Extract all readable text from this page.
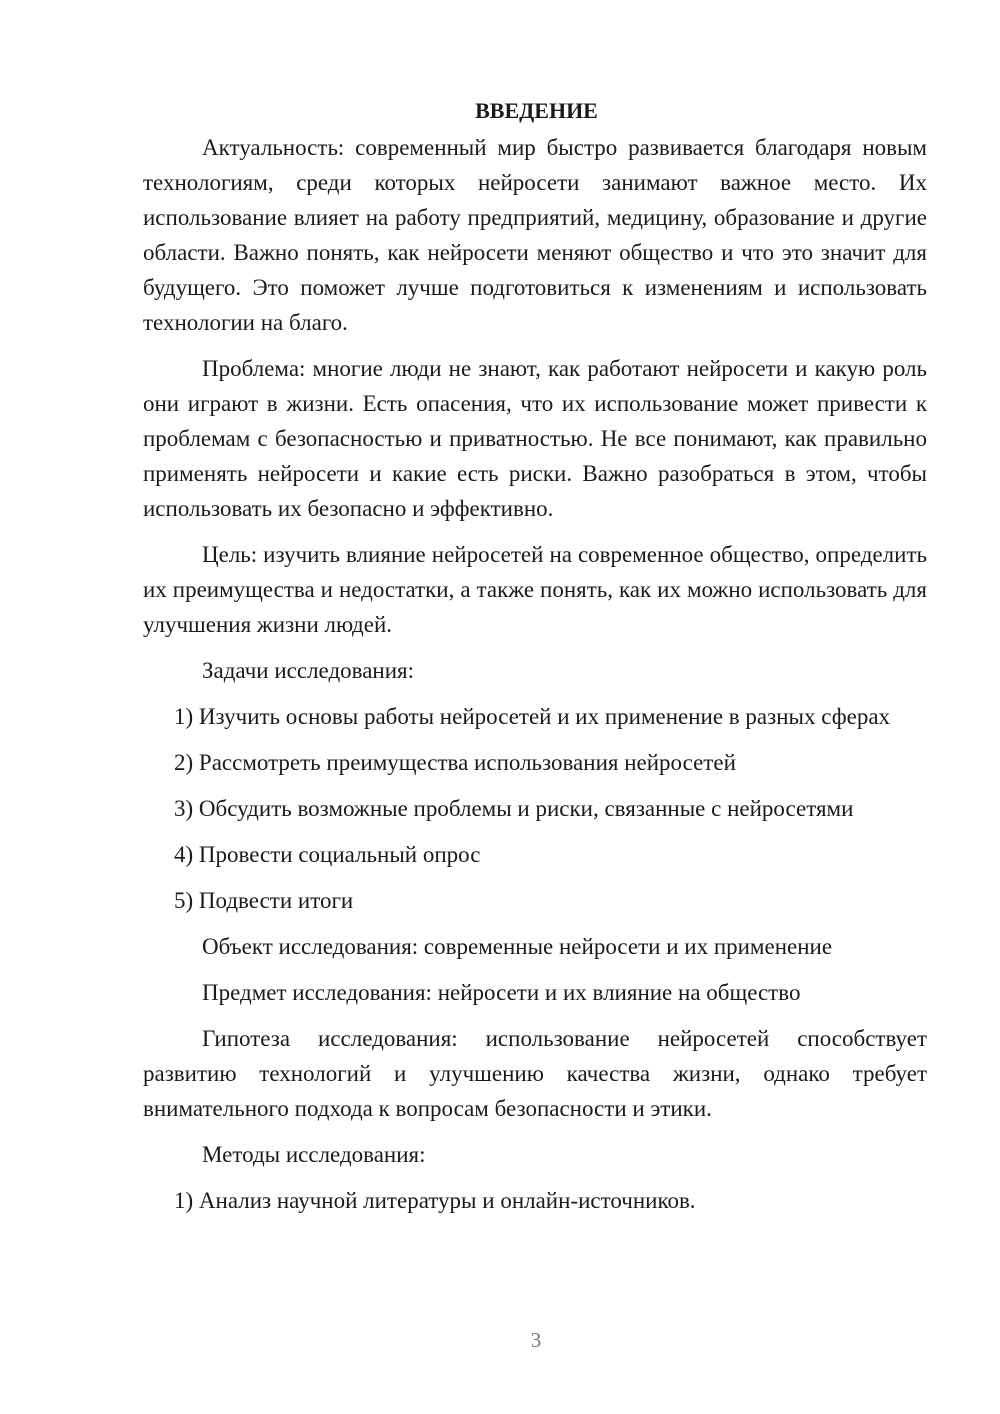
ВВЕДЕНИЕ

Актуальность: современный мир быстро развивается благодаря новым технологиям, среди которых нейросети занимают важное место. Их использование влияет на работу предприятий, медицину, образование и другие области. Важно понять, как нейросети меняют общество и что это значит для будущего. Это поможет лучше подготовиться к изменениям и использовать технологии на благо.

Проблема: многие люди не знают, как работают нейросети и какую роль они играют в жизни. Есть опасения, что их использование может привести к проблемам с безопасностью и приватностью. Не все понимают, как правильно применять нейросети и какие есть риски. Важно разобраться в этом, чтобы использовать их безопасно и эффективно.

Цель: изучить влияние нейросетей на современное общество, определить их преимущества и недостатки, а также понять, как их можно использовать для улучшения жизни людей.

Задачи исследования:

1) Изучить основы работы нейросетей и их применение в разных сферах

2) Рассмотреть преимущества использования нейросетей

3) Обсудить возможные проблемы и риски, связанные с нейросетями

4) Провести социальный опрос

5) Подвести итоги

Объект исследования: современные нейросети и их применение

Предмет исследования: нейросети и их влияние на общество

Гипотеза исследования: использование нейросетей способствует развитию технологий и улучшению качества жизни, однако требует внимательного подхода к вопросам безопасности и этики.

Методы исследования:

1) Анализ научной литературы и онлайн-источников.

3
